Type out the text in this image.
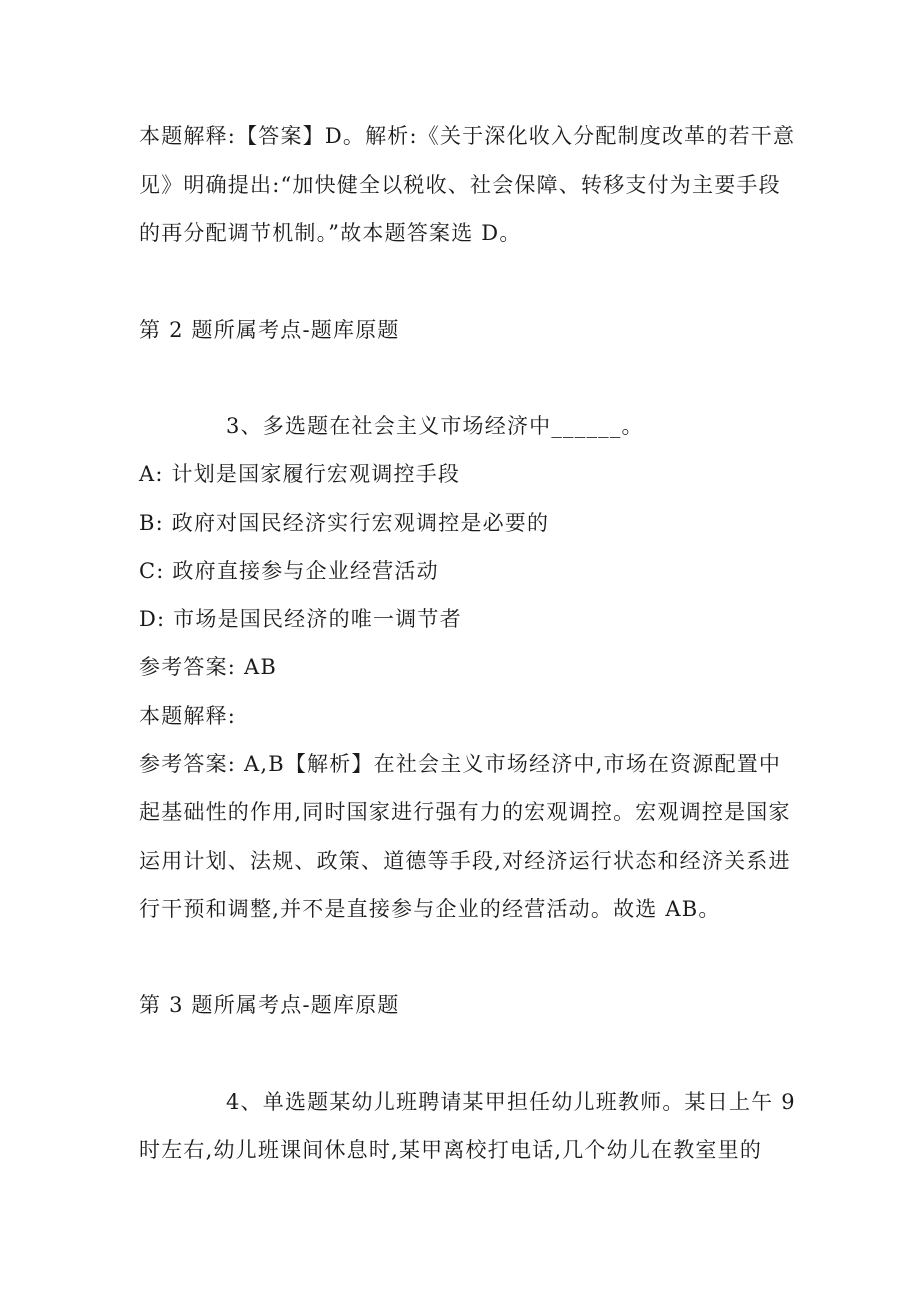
本题解释:【答案】D。解析:《关于深化收入分配制度改革的若干意
见》明确提出:“加快健全以税收、社会保障、转移支付为主要手段
的再分配调节机制。”故本题答案选 D。
第 2 题所属考点-题库原题
3、多选题在社会主义市场经济中______。
A: 计划是国家履行宏观调控手段
B: 政府对国民经济实行宏观调控是必要的
C: 政府直接参与企业经营活动
D: 市场是国民经济的唯一调节者
参考答案: AB
本题解释:
参考答案: A,B【解析】在社会主义市场经济中,市场在资源配置中
起基础性的作用,同时国家进行强有力的宏观调控。宏观调控是国家
运用计划、法规、政策、道德等手段,对经济运行状态和经济关系进
行干预和调整,并不是直接参与企业的经营活动。故选 AB。
第 3 题所属考点-题库原题
4、单选题某幼儿班聘请某甲担任幼儿班教师。某日上午 9
时左右,幼儿班课间休息时,某甲离校打电话,几个幼儿在教室里的
